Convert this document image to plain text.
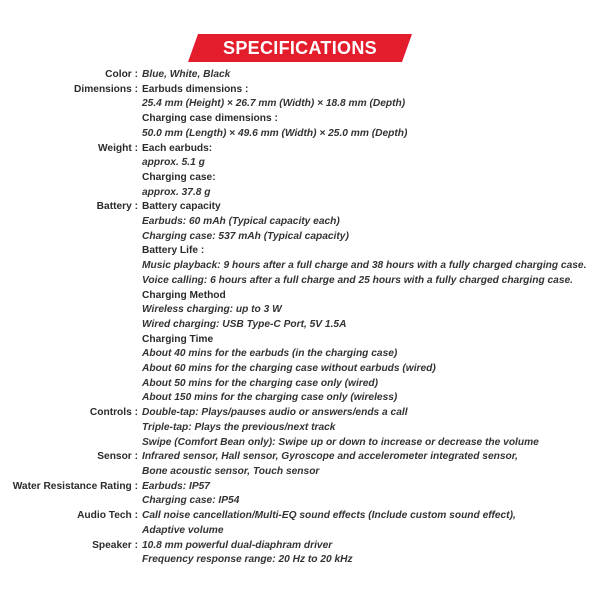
SPECIFICATIONS
Color : Blue, White, Black
Dimensions : Earbuds dimensions :
25.4 mm (Height) × 26.7 mm (Width) × 18.8 mm (Depth)
Charging case dimensions :
50.0 mm (Length) × 49.6 mm (Width) × 25.0 mm (Depth)
Weight : Each earbuds:
approx. 5.1 g
Charging case:
approx. 37.8 g
Battery : Battery capacity
Earbuds: 60 mAh (Typical capacity each)
Charging case: 537 mAh (Typical capacity)
Battery Life :
Music playback: 9 hours after a full charge and 38 hours with a fully charged charging case.
Voice calling: 6 hours after a full charge and 25 hours with a fully charged charging case.
Charging Method
Wireless charging: up to 3 W
Wired charging: USB Type-C Port, 5V 1.5A
Charging Time
About 40 mins for the earbuds (in the charging case)
About 60 mins for the charging case without earbuds (wired)
About 50 mins for the charging case only (wired)
About 150 mins for the charging case only (wireless)
Controls : Double-tap: Plays/pauses audio or answers/ends a call
Triple-tap: Plays the previous/next track
Swipe (Comfort Bean only): Swipe up or down to increase or decrease the volume
Sensor : Infrared sensor, Hall sensor, Gyroscope and accelerometer integrated sensor,
Bone acoustic sensor, Touch sensor
Water Resistance Rating : Earbuds: IP57
Charging case: IP54
Audio Tech : Call noise cancellation/Multi-EQ sound effects (Include custom sound effect),
Adaptive volume
Speaker : 10.8 mm powerful dual-diaphram driver
Frequency response range: 20 Hz to 20 kHz
